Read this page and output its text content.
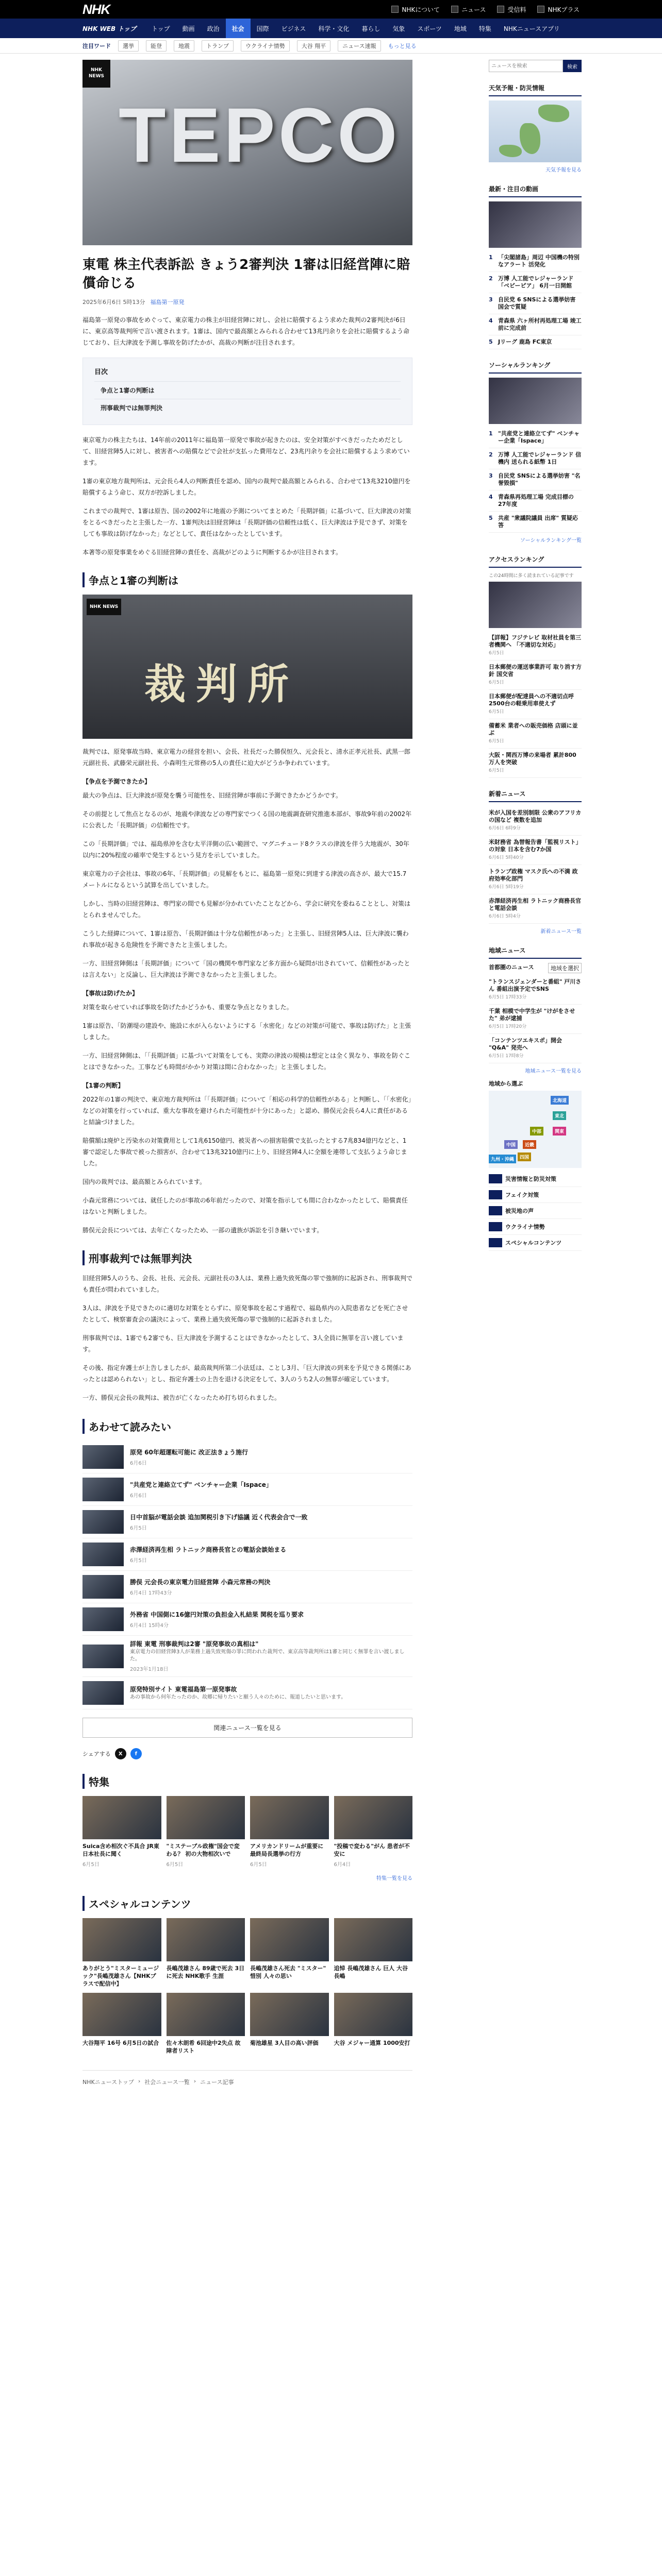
NHK	NHKについて	ニュース	受信料	NHKプラス
NHK WEB トップ	トップ	動画	政治	社会	国際	ビジネス	科学・文化	暮らし	気象	スポーツ	地域	特集	NHKニュースアプリ
注目ワード	選挙	能登	地震	トランプ	ウクライナ情勢	大谷 翔平	ニュース速報	もっと見る
NHK NEWS
TEPCO
東電 株主代表訴訟 きょう2審判決 1審は旧経営陣に賠償命じる
2025年6月6日 5時13分 福島第一原発

福島第一原発の事故をめぐって、東京電力の株主が旧経営陣に対し、会社に賠償するよう求めた裁判の2審判決が6日に、東京高等裁判所で言い渡されます。1審は、国内で最高額とみられる合わせて13兆円余りを会社に賠償するよう命じており、巨大津波を予測し事故を防げたかが、高裁の判断が注目されます。

目次
争点と1審の判断は
刑事裁判では無罪判決

東京電力の株主たちは、14年前の2011年に福島第一原発で事故が起きたのは、安全対策がすべきだったためだとして、旧経営陣5人に対し、被害者への賠償などで会社が支払った費用など、23兆円余りを会社に賠償するよう求めています。

1審の東京地方裁判所は、元会長ら4人の判断責任を認め、国内の裁判で最高額とみられる、合わせて13兆3210億円を賠償するよう命じ、双方が控訴しました。

これまでの裁判で、1審は原告、国の2002年に地震の予測についてまとめた「長期評価」に基づいて、巨大津波の対策をとるべきだったと主張した一方、1審判決は旧経営陣は「長期評価の信頼性は低く、巨大津波は予見できず、対策をしても事故は防げなかった」などとして、責任はなかったとしています。

本著等の原発事業をめぐる旧経営陣の責任を、高裁がどのように判断するかが注目されます。

争点と1審の判断は
NHK NEWS
裁判所

裁判では、原発事故当時、東京電力の経営を担い、会長、社長だった勝俣恒久、元会長と、清水正孝元社長、武黒一郎元副社長、武藤栄元副社長、小森明生元常務の5人の責任に迫大がどうか争われています。

【争点を予測できたか】

最大の争点は、巨大津波が原発を襲う可能性を、旧経営陣が事前に予測できたかどうかです。

その前提として焦点となるのが、地震や津波などの専門家でつくる国の地震調査研究推進本部が、事故9年前の2002年に公表した「長期評価」の信頼性です。

この「長期評価」では、福島県沖を含む太平洋側の広い範囲で、マグニチュード8クラスの津波を伴う大地震が、30年以内に20%程度の確率で発生するという見方を示していました。

東京電力の子会社は、事故の6年、「長期評価」の見解をもとに、福島第一原発に到達する津波の高さが、最大で15.7メートルになるという試算を出していました。

しかし、当時の旧経営陣は、専門家の間でも見解が分かれていたことなどから、学会に研究を委ねることとし、対策はとられませんでした。

こうした経緯について、1審は原告、「長期評価は十分な信頼性があった」と主張し、旧経営陣5人は、巨大津波に襲われ事故が起きる危険性を予測できたと主張しました。

一方、旧経営陣側は「長期評価」について「国の機関や専門家など多方面から疑問が出されていて、信頼性があったとは言えない」と反論し、巨大津波は予測できなかったと主張しました。

【事故は防げたか】

対策を取らせていれば事故を防げたかどうかも、重要な争点となりました。

1審は原告、「防潮堤の建設や、施設に水が入らないようにする「水密化」などの対策が可能で、事故は防げた」と主張しました。

一方、旧経営陣側は、「「長期評価」に基づいて対策をしても、実際の津波の規模は想定とは全く異なり、事故を防ぐことはできなかった。工事なども時間がかかり対策は間に合わなかった」と主張しました。

【1審の判断】

2022年の1審の判決で、東京地方裁判所は「「長期評価」について「相応の科学的信頼性がある」と判断し、「「水密化」などの対策を行っていれば、重大な事故を避けられた可能性が十分にあった」と認め、勝俣元会長ら4人に責任があると結論づけました。

賠償額は廃炉と汚染水の対策費用として1兆6150億円、被災者への損害賠償で支払ったとする7兆834億円などと、1審で認定した事故で被った損害が、合わせて13兆3210億円に上り、旧経営陣4人に全額を連帯して支払うよう命じました。

国内の裁判では、最高額とみられています。

小森元常務については、就任したのが事故の6年前だったので、対策を指示しても間に合わなかったとして、賠償責任はないと判断しました。

勝俣元会長については、去年亡くなったため、一部の遺族が訴訟を引き継いでいます。

刑事裁判では無罪判決

旧経営陣5人のうち、会長、社長、元会長、元副社長の3人は、業務上過失致死傷の罪で強制的に起訴され、刑事裁判でも責任が問われていました。

3人は、津波を予見できたのに適切な対策をとらずに、原発事故を起こす過程で、福島県内の入院患者などを死亡させたとして、検察審査会の議決によって、業務上過失致死傷の罪で強制的に起訴されました。

刑事裁判では、1審でも2審でも、巨大津波を予測することはできなかったとして、3人全員に無罪を言い渡しています。

その後、指定弁護士が上告しましたが、最高裁判所第二小法廷は、ことし3月、「巨大津波の到来を予見できる関係にあったとは認められない」とし、指定弁護士の上告を退ける決定をして、3人のうち2人の無罪が確定しています。

一方、勝俣元会長の裁判は、被告が亡くなったため打ち切られました。

あわせて読みたい
原発 60年超運転可能に 改正法きょう施行
6月6日
"共産党と連絡立てず" ベンチャー企業「Ispace」
6月6日
日中首脳が電話会談 追加関税引き下げ協議 近く代表会合で一致
6月5日
赤澤経済再生相 ラトニック商務長官との電話会談始まる
6月5日
勝俣 元会長の東京電力旧経営陣 小森元常務の判決
6月4日 17時43分
外務省 中国側に16億円対策の負担金入札結果 関税を巡り要求
6月4日 15時4分
詳報 東電 刑事裁判は2審 "原発事故の真相は"
東京電力の旧経営陣3人が業務上過失致死傷の罪に問われた裁判で、東京高等裁判所は1審と同じく無罪を言い渡しました。
2023年1月18日
原発特別サイト 東電福島第一原発事故
あの事故から何年たったのか、故郷に帰りたいと願う人々のために、報道したいと思います。
関連ニュース一覧を見る
シェアする	X	f
特集
Suica含め相次ぐ不具合 JR東日本社長に聞く
6月5日
"ミステーブル政権"国会で変わる？ 初の大物相次いで
6月5日
アメリカンドリームが重要に 最終局長選挙の行方
6月5日
"投稿で変わる"がん 患者が不安に
6月4日
特集一覧を見る
スペシャルコンテンツ
ありがとう"ミスターミュージック"長嶋茂雄さん【NHKプラスで配信中】
長嶋茂雄さん 89歳で死去 3日に死去 NHK歌手 生涯
長嶋茂雄さん死去 "ミスター" 惜別 人々の思い
追悼 長嶋茂雄さん 巨人 大谷 長嶋
大谷翔平 16号 6月5日の試合	佐々木朗希 6回途中2失点 故障者リスト
菊池雄星 3人目の高い評価	大谷 メジャー通算 1000安打
NHKニューストップ › 社会ニュース一覧 › ニュース記事
ニュースを検索
検索
天気予報・防災情報
天気予報を見る
最新・注目の動画
1 「尖閣諸島」周辺 中国機の特別なアラート 活発化
2 万博 人工能でレジャーランド「ベビーピア」 6月一日開館
3 自民党 6 SNSによる選挙妨害 国会で質疑
4 青森県 六ヶ所村再処理工場 竣工前に完成前
5 Jリーグ 鹿島 FC東京
ソーシャルランキング
1 "共産党と連絡立てず" ベンチャー企業「Ispace」
2 万博 人工能でレジャーランド 信機内 送られる紙幣 1日
3 自民党 SNSによる選挙妨害 "名誉毀損"
4 青森県再処理工場 完成目標の27年度
5 共産 "衆議院議員 出席" 質疑応答
ソーシャルランキング一覧
アクセスランキング
この24時間に多く読まれている記事です
【詳報】フジテレビ 取材社員を第三者機関へ 「不適切な対応」
6月5日
日本郵便の運送事業許可 取り消す方針 国交省
6月5日
日本郵便が配達員への不適切点呼 2500台の軽乗用車使えず
6月5日
備蓄米 業者への販売価格 店頭に並ぶ
6月5日
大阪・関西万博の来場者 累計800万人を突破
6月5日
新着ニュース
米が入国を差別制限 公衆のアフリカの国など 複数を追加
6月6日 6時9分
米財務省 為替報告書「監視リスト」の対象 日本を含む7か国
6月6日 5時40分
トランプ政権 マスク氏への不満 政府効率化部門
6月6日 5時19分
赤澤経済再生相 ラトニック商務長官と電話会談
6月6日 5時4分
新着ニュース一覧
地域ニュース
首都圏のニュース	地域を選択
"トランスジェンダーと番組" 戸川さん 番組出演予定でSNS
6月5日 17時33分
千葉 相模で中学生が "けがをさせた" 弟が逮捕
6月5日 17時20分
「コンテンツエキスポ」開会 "Q&A" 発売へ
6月5日 17時8分
地域ニュース一覧を見る
地域から選ぶ
北海道
東北
関東
中部
近畿
中国
四国
九州・沖縄
災害情報と防災対策
フェイク対策
被災地の声
ウクライナ情勢
スペシャルコンテンツ
